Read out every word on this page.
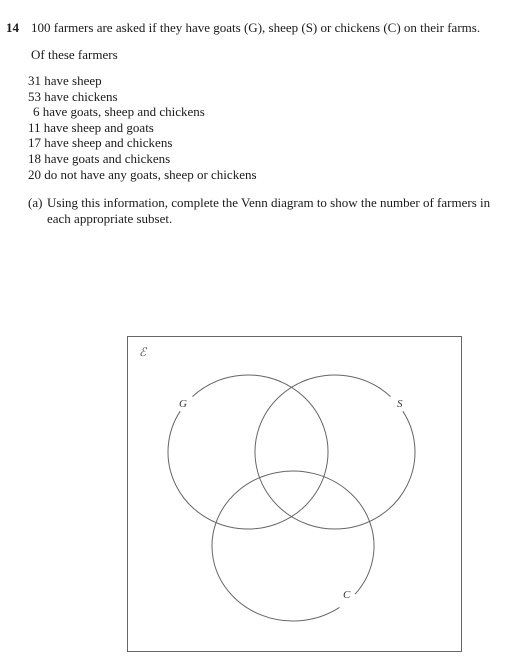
14 100 farmers are asked if they have goats (G), sheep (S) or chickens (C) on their farms.
Of these farmers
31 have sheep
53 have chickens
6 have goats, sheep and chickens
11 have sheep and goats
17 have sheep and chickens
18 have goats and chickens
20 do not have any goats, sheep or chickens
(a) Using this information, complete the Venn diagram to show the number of farmers in each appropriate subset.
ℰ
G	S
C
